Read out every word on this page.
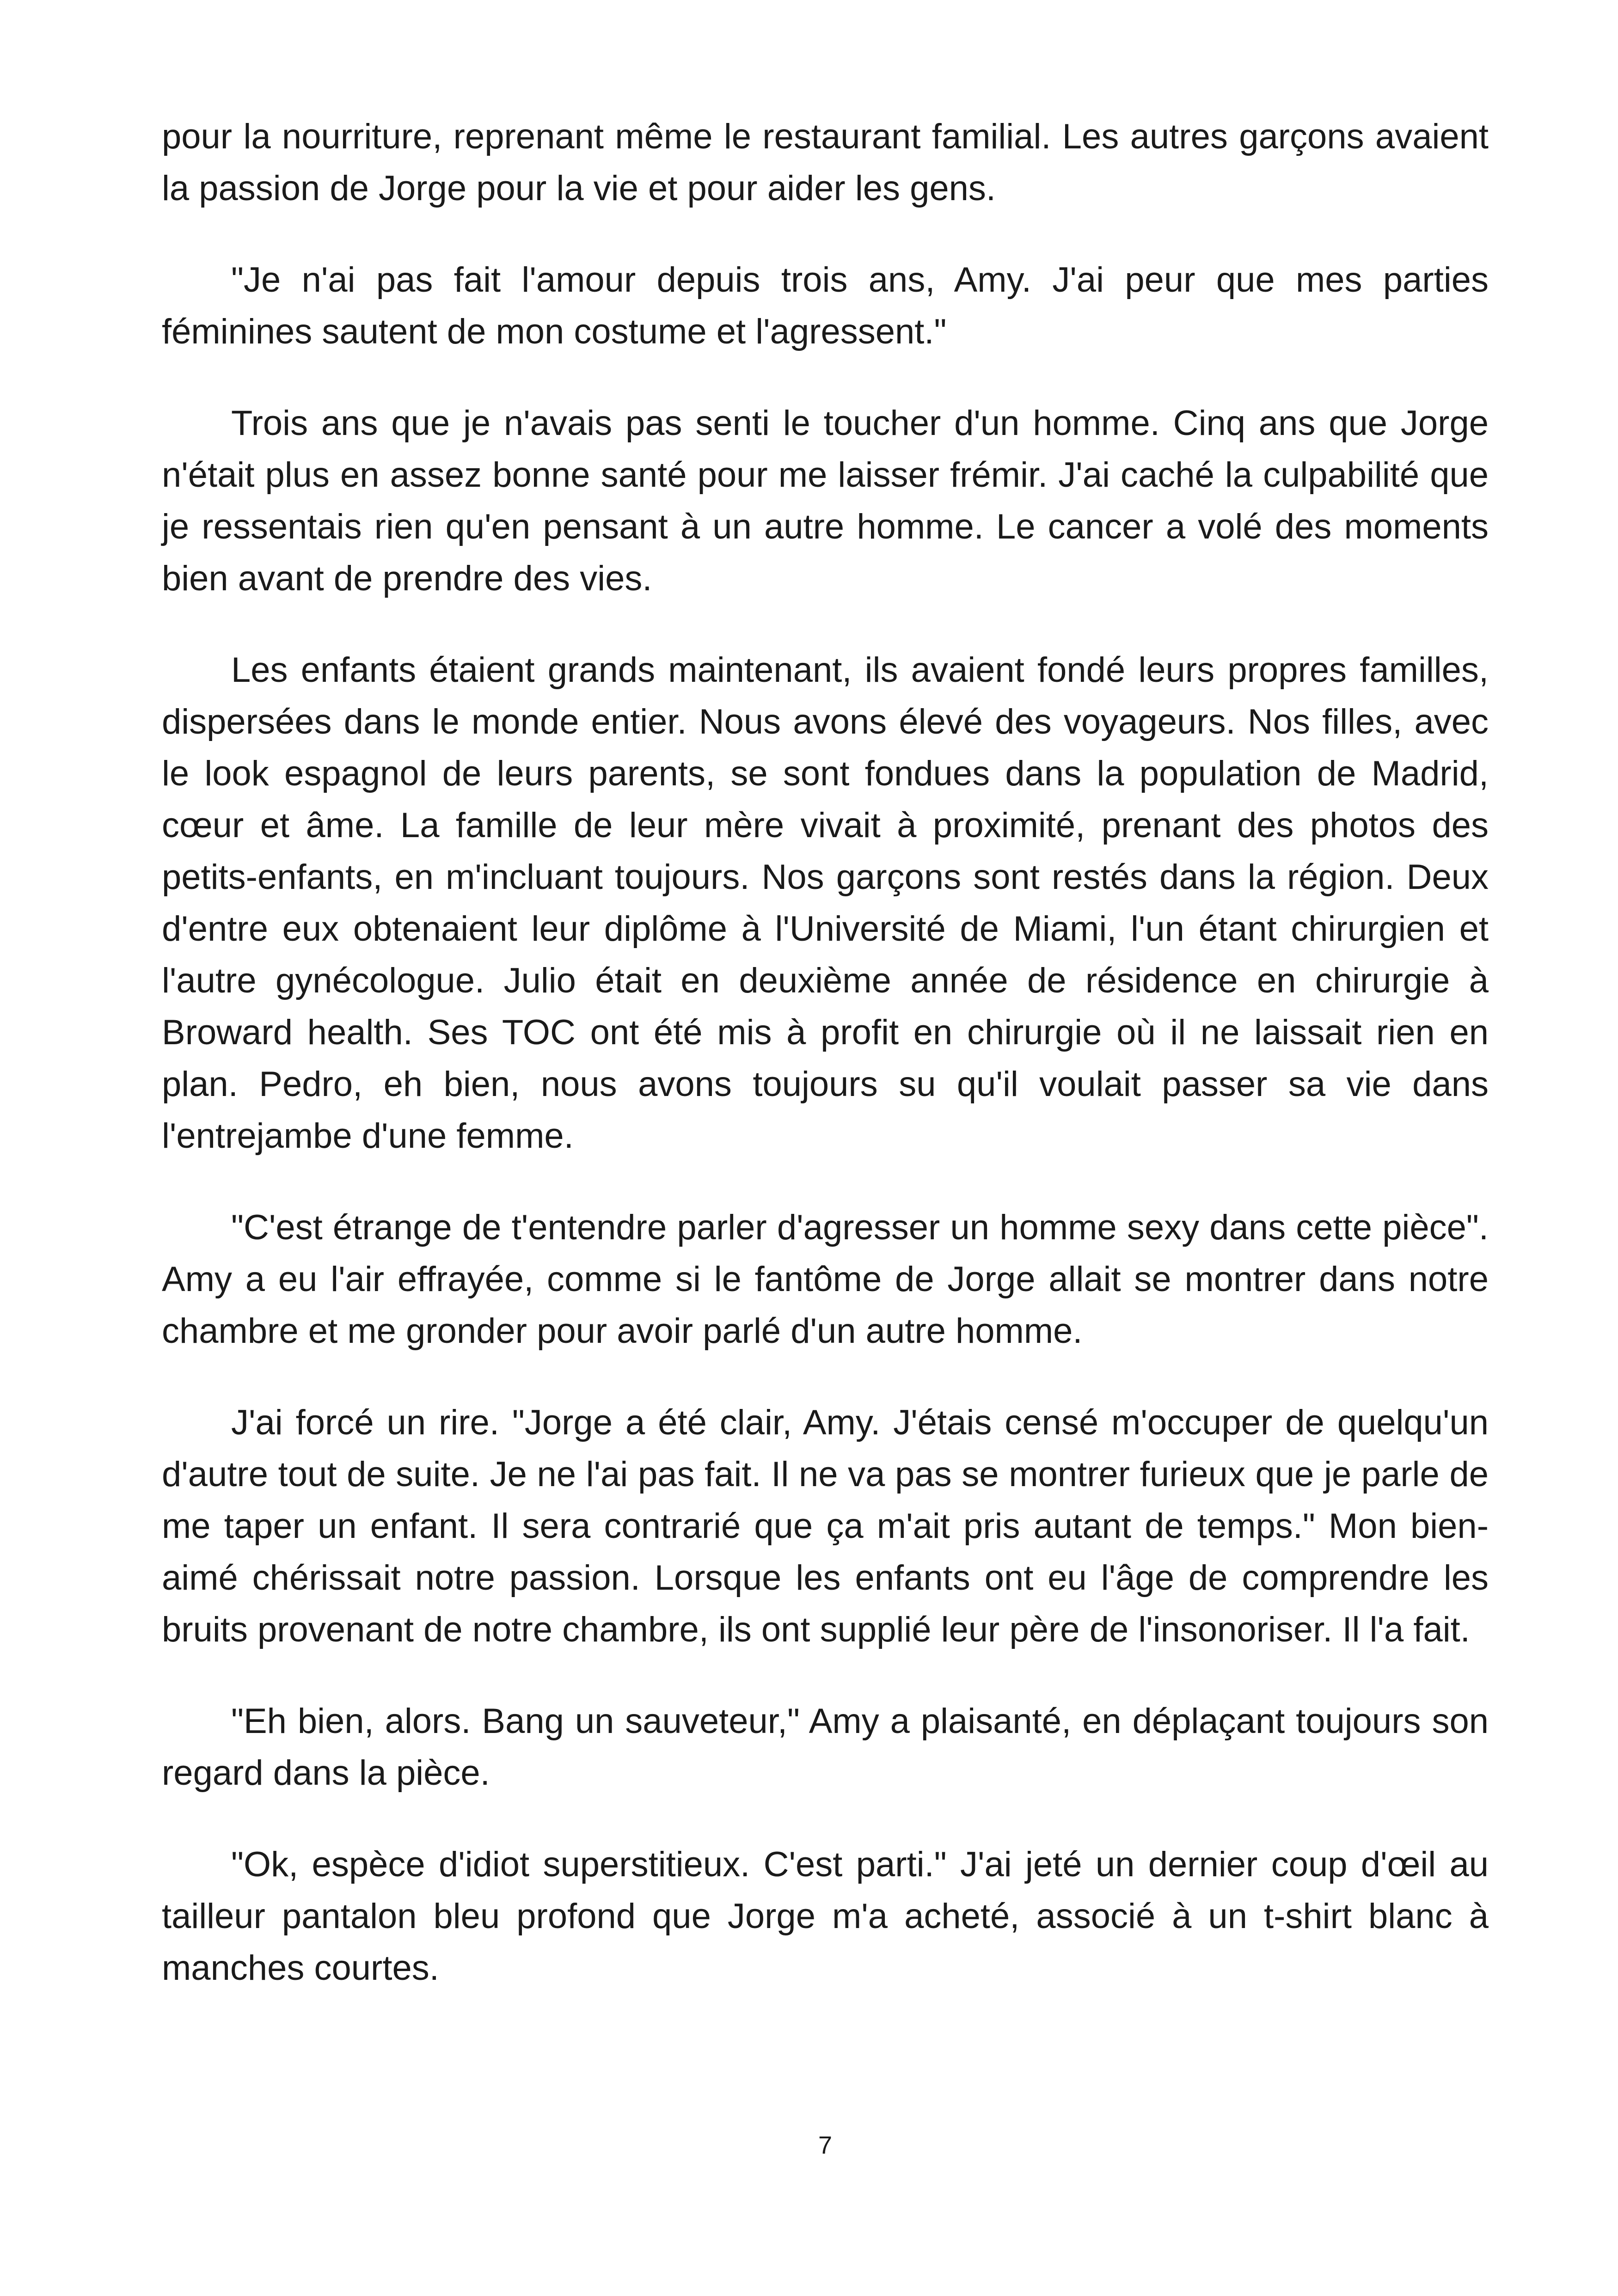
pour la nourriture, reprenant même le restaurant familial. Les autres garçons avaient la passion de Jorge pour la vie et pour aider les gens.

"Je n'ai pas fait l'amour depuis trois ans, Amy. J'ai peur que mes parties féminines sautent de mon costume et l'agressent."

Trois ans que je n'avais pas senti le toucher d'un homme. Cinq ans que Jorge n'était plus en assez bonne santé pour me laisser frémir. J'ai caché la culpabilité que je ressentais rien qu'en pensant à un autre homme. Le cancer a volé des moments bien avant de prendre des vies.

Les enfants étaient grands maintenant, ils avaient fondé leurs propres familles, dispersées dans le monde entier. Nous avons élevé des voyageurs. Nos filles, avec le look espagnol de leurs parents, se sont fondues dans la population de Madrid, cœur et âme. La famille de leur mère vivait à proximité, prenant des photos des petits-enfants, en m'incluant toujours. Nos garçons sont restés dans la région. Deux d'entre eux obtenaient leur diplôme à l'Université de Miami, l'un étant chirurgien et l'autre gynécologue. Julio était en deuxième année de résidence en chirurgie à Broward health. Ses TOC ont été mis à profit en chirurgie où il ne laissait rien en plan. Pedro, eh bien, nous avons toujours su qu'il voulait passer sa vie dans l'entrejambe d'une femme.

"C'est étrange de t'entendre parler d'agresser un homme sexy dans cette pièce". Amy a eu l'air effrayée, comme si le fantôme de Jorge allait se montrer dans notre chambre et me gronder pour avoir parlé d'un autre homme.

J'ai forcé un rire. "Jorge a été clair, Amy. J'étais censé m'occuper de quelqu'un d'autre tout de suite. Je ne l'ai pas fait. Il ne va pas se montrer furieux que je parle de me taper un enfant. Il sera contrarié que ça m'ait pris autant de temps." Mon bien-aimé chérissait notre passion. Lorsque les enfants ont eu l'âge de comprendre les bruits provenant de notre chambre, ils ont supplié leur père de l'insonoriser. Il l'a fait.

"Eh bien, alors. Bang un sauveteur," Amy a plaisanté, en déplaçant toujours son regard dans la pièce.

"Ok, espèce d'idiot superstitieux. C'est parti." J'ai jeté un dernier coup d'œil au tailleur pantalon bleu profond que Jorge m'a acheté, associé à un t-shirt blanc à manches courtes.

7
